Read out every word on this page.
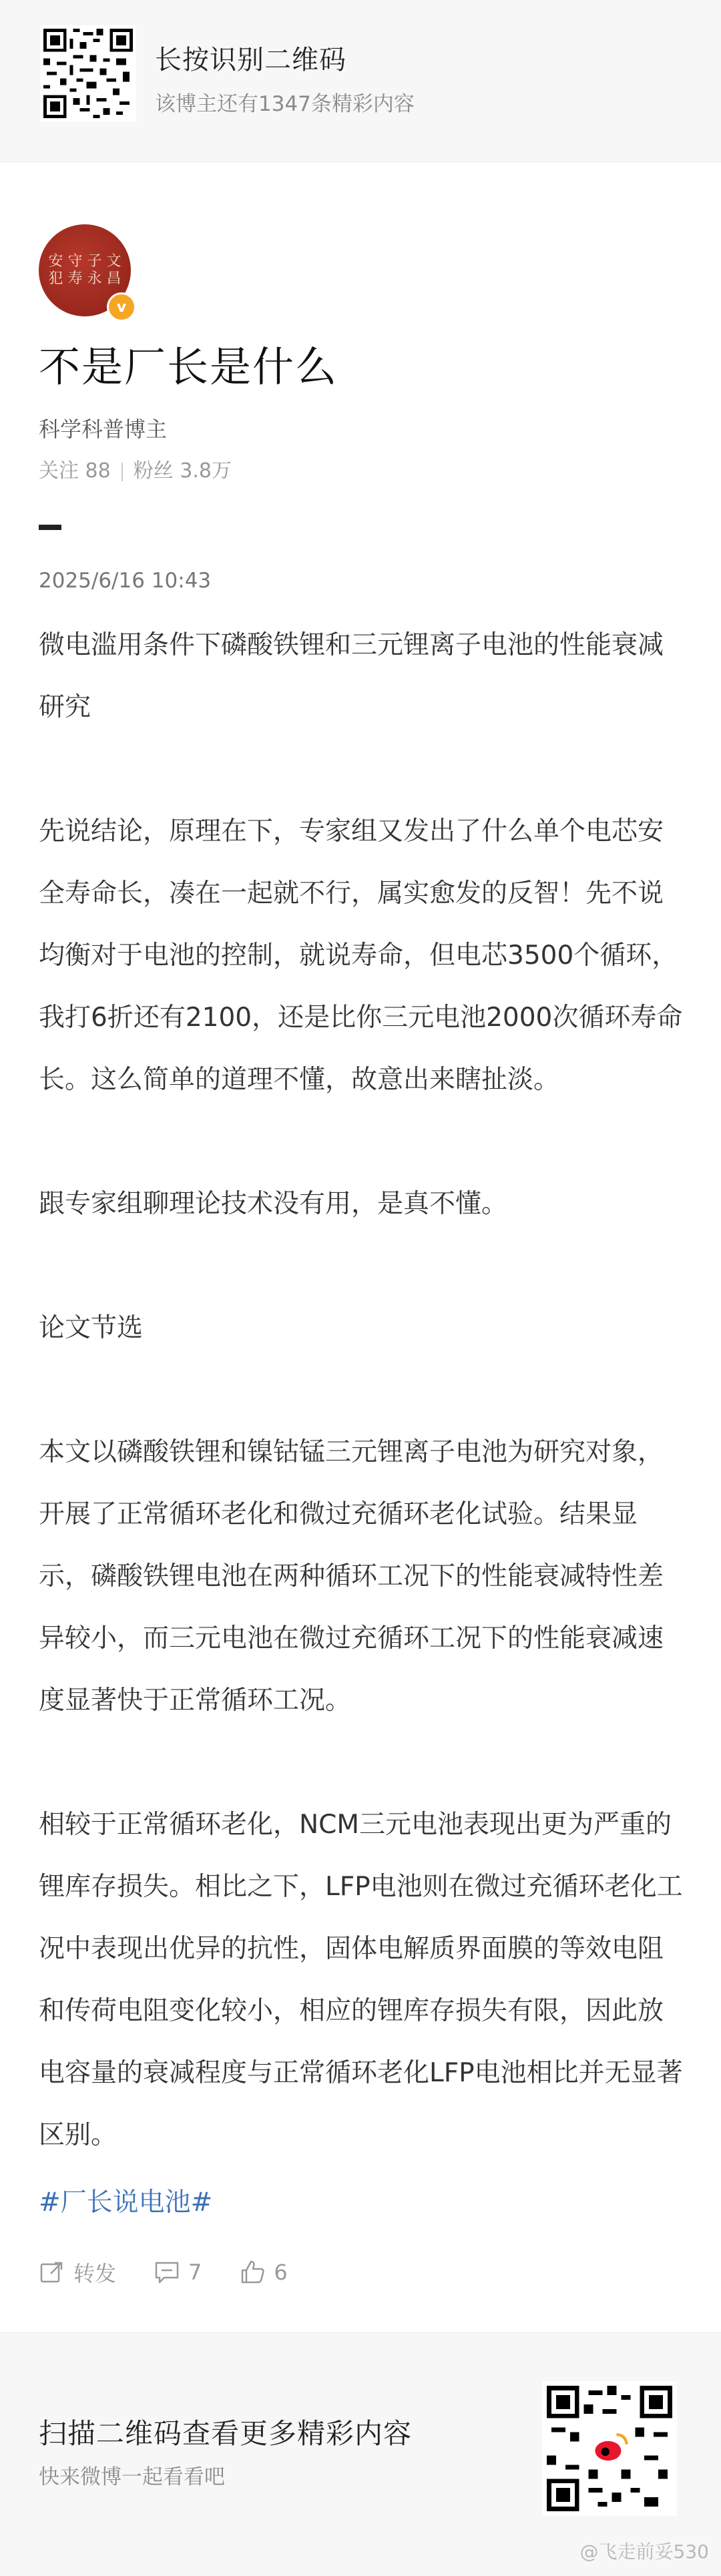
长按识别二维码
该博主还有1347条精彩内容
安 守 子 文
犯 寿 永 昌
v
不是厂长是什么
科学科普博主
关注 88 粉丝 3.8万
2025/6/16 10:43

微电滥用条件下磷酸铁锂和三元锂离子电池的性能衰减研究

先说结论，原理在下，专家组又发出了什么单个电芯安全寿命长，凑在一起就不行，属实愈发的反智！先不说均衡对于电池的控制，就说寿命，但电芯3500个循环，我打6折还有2100，还是比你三元电池2000次循环寿命长。这么简单的道理不懂，故意出来瞎扯淡。

跟专家组聊理论技术没有用，是真不懂。

论文节选

本文以磷酸铁锂和镍钴锰三元锂离子电池为研究对象，开展了正常循环老化和微过充循环老化试验。结果显示，磷酸铁锂电池在两种循环工况下的性能衰减特性差异较小，而三元电池在微过充循环工况下的性能衰减速度显著快于正常循环工况。

相较于正常循环老化，NCM三元电池表现出更为严重的锂库存损失。相比之下，LFP电池则在微过充循环老化工况中表现出优异的抗性，固体电解质界面膜的等效电阻和传荷电阻变化较小，相应的锂库存损失有限，因此放电容量的衰减程度与正常循环老化LFP电池相比并无显著区别。

#厂长说电池#
转发	7	6
扫描二维码查看更多精彩内容
快来微博一起看看吧
@飞走前妥530
